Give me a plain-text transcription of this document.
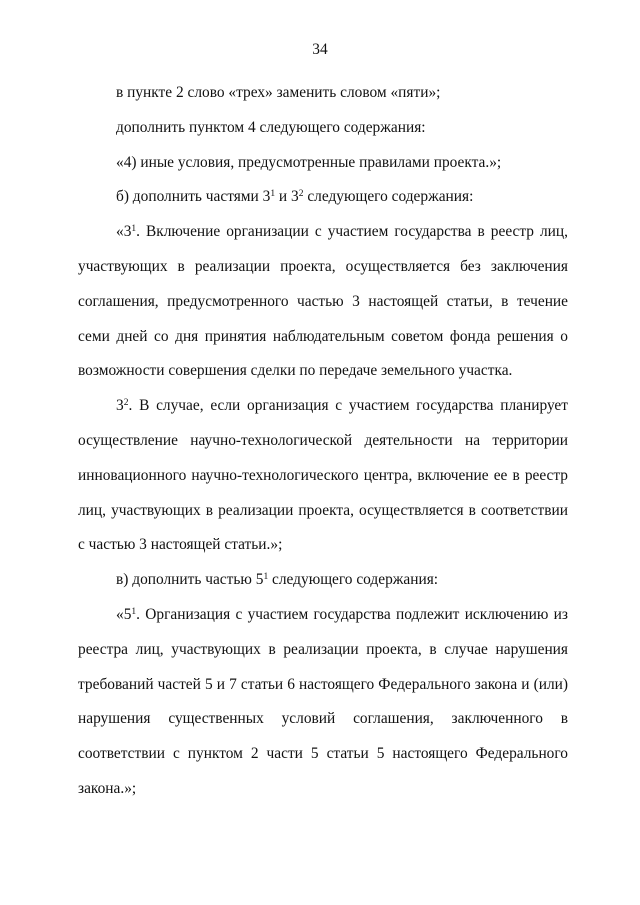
34

в пункте 2 слово «трех» заменить словом «пяти»;

дополнить пунктом 4 следующего содержания:

«4) иные условия, предусмотренные правилами проекта.»;

б) дополнить частями $3^1$ и $3^2$ следующего содержания:

«$3^1$. Включение организации с участием государства в реестр лиц, участвующих в реализации проекта, осуществляется без заключения соглашения, предусмотренного частью 3 настоящей статьи, в течение семи дней со дня принятия наблюдательным советом фонда решения о возможности совершения сделки по передаче земельного участка.

$3^2$. В случае, если организация с участием государства планирует осуществление научно-технологической деятельности на территории инновационного научно-технологического центра, включение ее в реестр лиц, участвующих в реализации проекта, осуществляется в соответствии с частью 3 настоящей статьи.»;

в) дополнить частью $5^1$ следующего содержания:

«$5^1$. Организация с участием государства подлежит исключению из реестра лиц, участвующих в реализации проекта, в случае нарушения требований частей 5 и 7 статьи 6 настоящего Федерального закона и (или) нарушения существенных условий соглашения, заключенного в соответствии с пунктом 2 части 5 статьи 5 настоящего Федерального закона.»;
